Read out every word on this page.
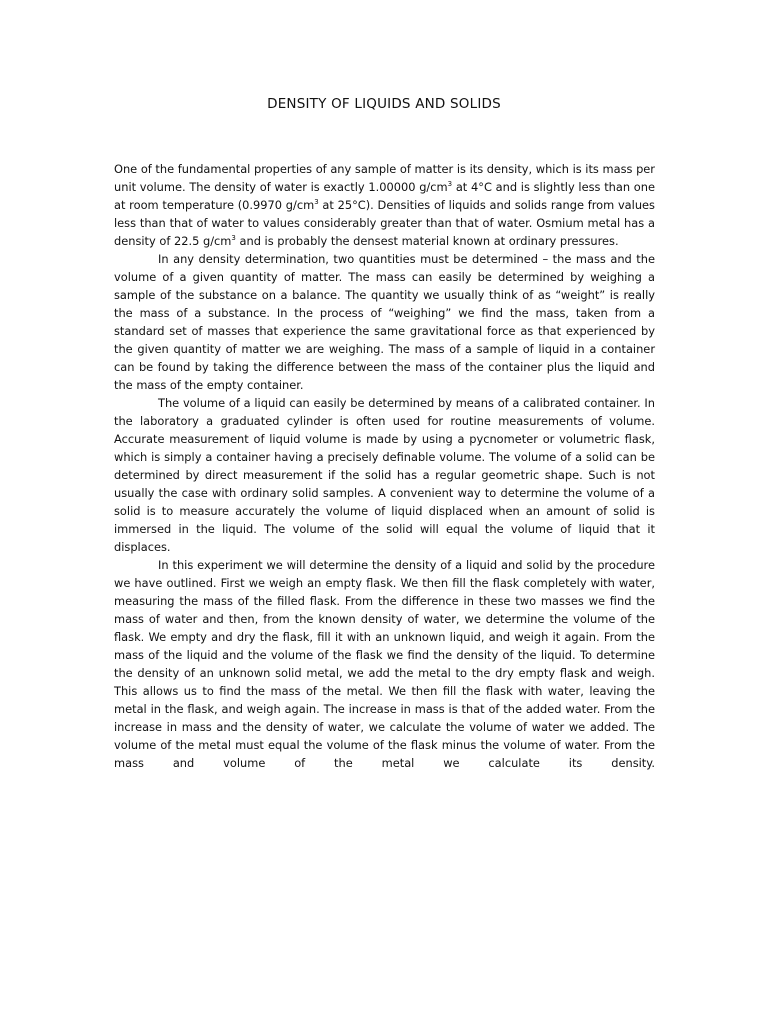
DENSITY OF LIQUIDS AND SOLIDS

One of the fundamental properties of any sample of matter is its density, which is its mass per unit volume. The density of water is exactly 1.00000 $g/cm^3$ at 4°C and is slightly less than one at room temperature (0.9970 $g/cm^3$ at 25°C). Densities of liquids and solids range from values less than that of water to values considerably greater than that of water. Osmium metal has a density of 22.5 $g/cm^3$ and is probably the densest material known at ordinary pressures.

In any density determination, two quantities must be determined – the mass and the volume of a given quantity of matter. The mass can easily be determined by weighing a sample of the substance on a balance. The quantity we usually think of as “weight” is really the mass of a substance. In the process of “weighing” we find the mass, taken from a standard set of masses that experience the same gravitational force as that experienced by the given quantity of matter we are weighing. The mass of a sample of liquid in a container can be found by taking the difference between the mass of the container plus the liquid and the mass of the empty container.

The volume of a liquid can easily be determined by means of a calibrated container. In the laboratory a graduated cylinder is often used for routine measurements of volume. Accurate measurement of liquid volume is made by using a pycnometer or volumetric flask, which is simply a container having a precisely definable volume. The volume of a solid can be determined by direct measurement if the solid has a regular geometric shape. Such is not usually the case with ordinary solid samples. A convenient way to determine the volume of a solid is to measure accurately the volume of liquid displaced when an amount of solid is immersed in the liquid. The volume of the solid will equal the volume of liquid that it displaces.

In this experiment we will determine the density of a liquid and solid by the procedure we have outlined. First we weigh an empty flask. We then fill the flask completely with water, measuring the mass of the filled flask. From the difference in these two masses we find the mass of water and then, from the known density of water, we determine the volume of the flask. We empty and dry the flask, fill it with an unknown liquid, and weigh it again. From the mass of the liquid and the volume of the flask we find the density of the liquid. To determine the density of an unknown solid metal, we add the metal to the dry empty flask and weigh. This allows us to find the mass of the metal. We then fill the flask with water, leaving the metal in the flask, and weigh again. The increase in mass is that of the added water. From the increase in mass and the density of water, we calculate the volume of water we added. The volume of the metal must equal the volume of the flask minus the volume of water. From the mass and volume of the metal we calculate its density.
